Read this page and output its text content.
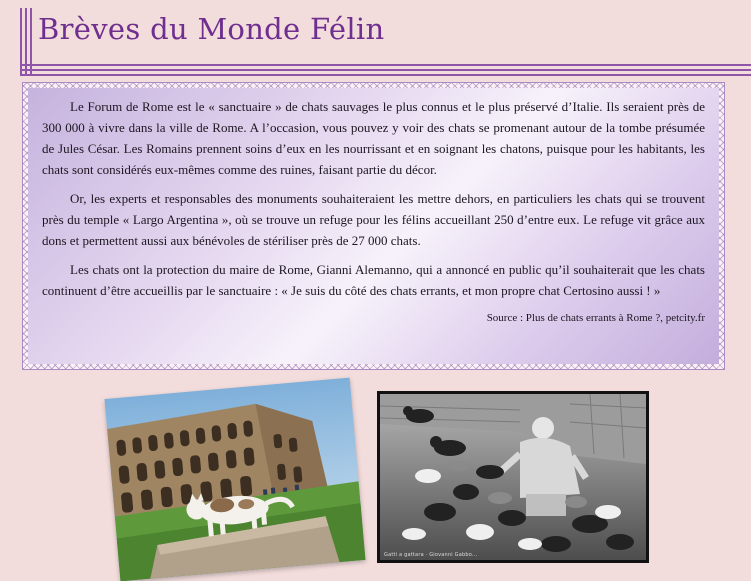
Brèves du Monde Félin

Le Forum de Rome est le « sanctuaire » de chats sauvages le plus connus et le plus préservé d’Italie. Ils seraient près de 300 000 à vivre dans la ville de Rome. A l’occasion, vous pouvez y voir des chats se promenant autour de la tombe présumée de Jules César. Les Romains prennent soins d’eux en les nourrissant et en soignant les chatons, puisque pour les habitants, les chats sont considérés eux-mêmes comme des ruines, faisant partie du décor.

Or, les experts et responsables des monuments souhaiteraient les mettre dehors, en particuliers les chats qui se trouvent près du temple « Largo Argentina », où se trouve un refuge pour les félins accueillant 250 d’entre eux. Le refuge vit grâce aux dons et permettent aussi aux bénévoles de stériliser près de 27 000 chats.

Les chats ont la protection du maire de Rome, Gianni Alemanno, qui a annoncé en public qu’il souhaiterait que les chats continuent d’être accueillis par le sanctuaire : « Je suis du côté des chats errants, et mon propre chat Certosino aussi ! »

Source : Plus de chats errants à Rome ?, petcity.fr

Gatti a gattara · Giovanni Gabbo...
